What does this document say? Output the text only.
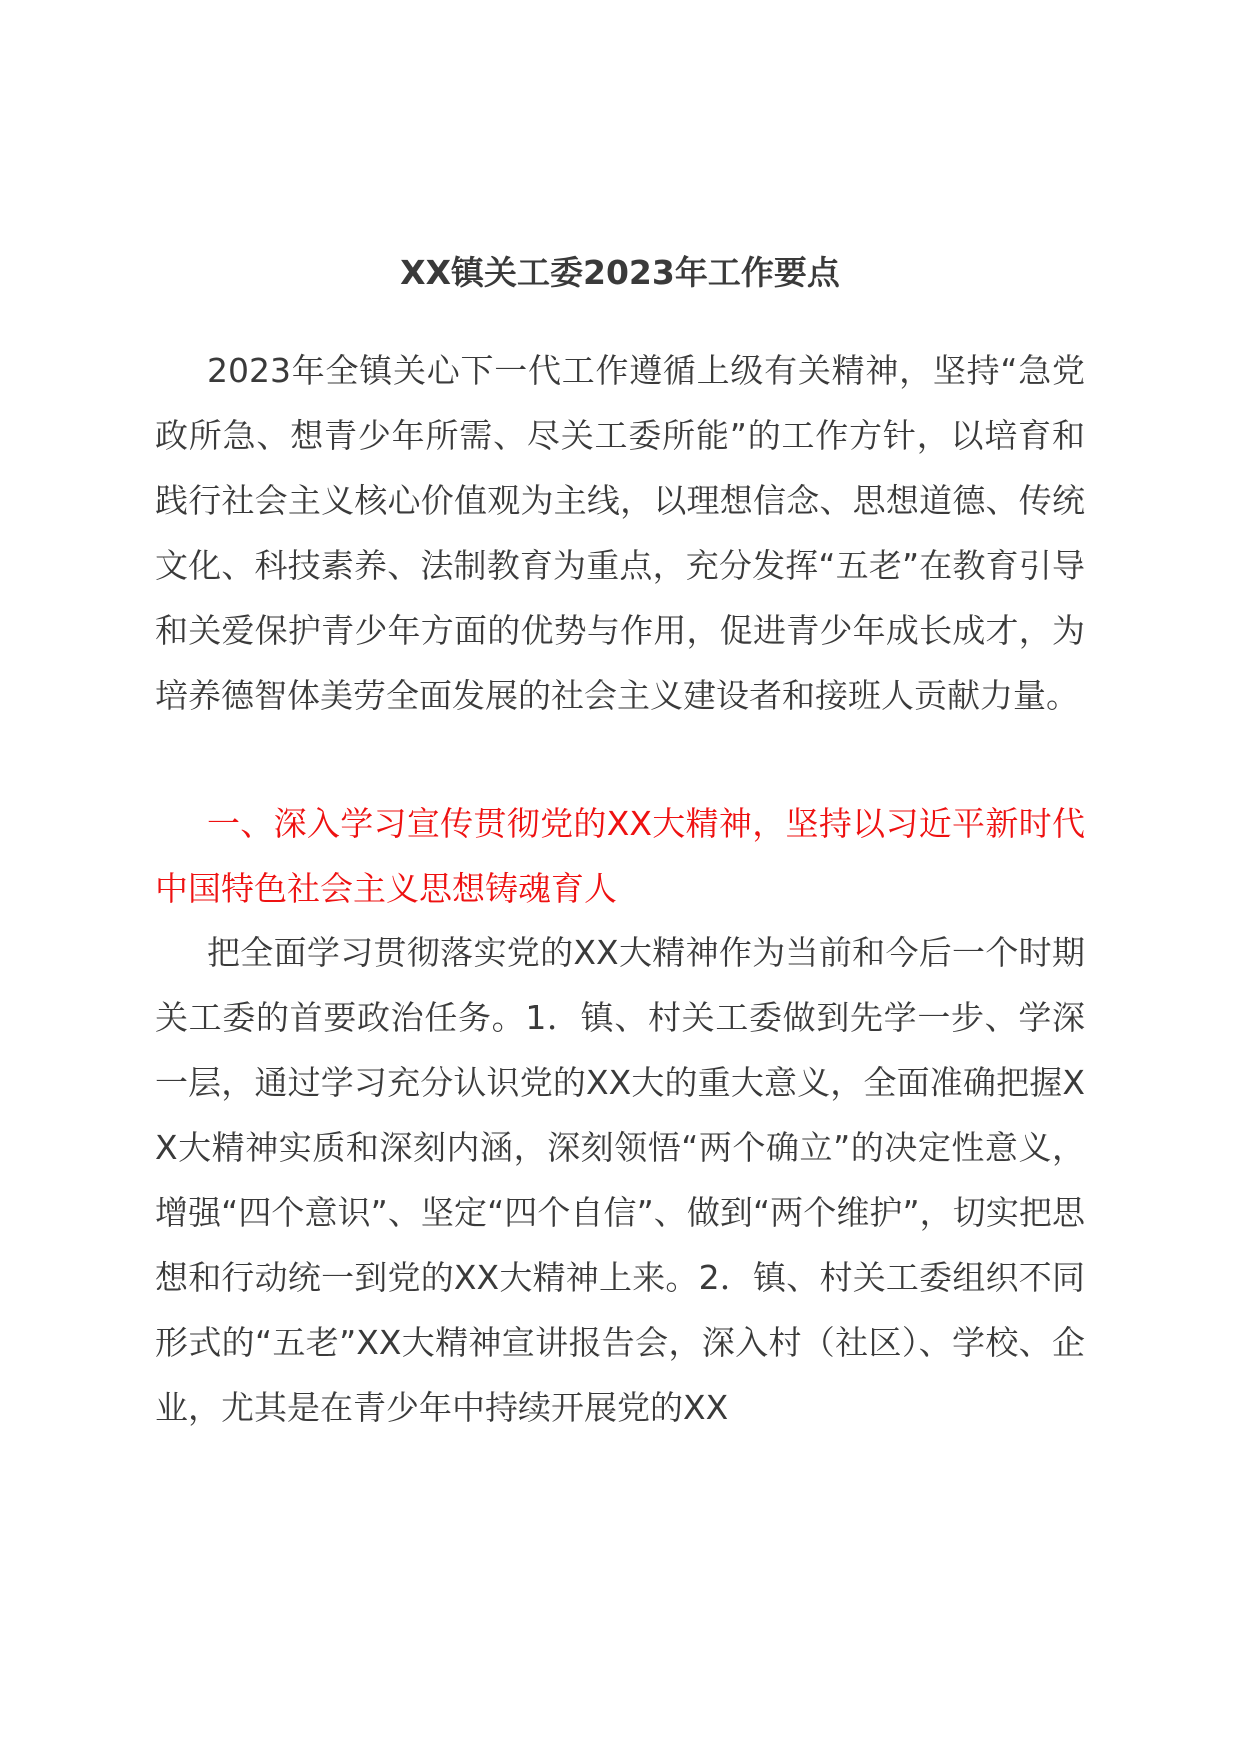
XX镇关工委2023年工作要点

2023年全镇关心下一代工作遵循上级有关精神，坚持“急党政所急、想青少年所需、尽关工委所能”的工作方针，以培育和践行社会主义核心价值观为主线，以理想信念、思想道德、传统文化、科技素养、法制教育为重点，充分发挥“五老”在教育引导和关爱保护青少年方面的优势与作用，促进青少年成长成才，为培养德智体美劳全面发展的社会主义建设者和接班人贡献力量。

一、深入学习宣传贯彻党的XX大精神，坚持以习近平新时代中国特色社会主义思想铸魂育人

把全面学习贯彻落实党的XX大精神作为当前和今后一个时期关工委的首要政治任务。1．镇、村关工委做到先学一步、学深一层，通过学习充分认识党的XX大的重大意义，全面准确把握XX大精神实质和深刻内涵，深刻领悟“两个确立”的决定性意义，增强“四个意识”、坚定“四个自信”、做到“两个维护”，切实把思想和行动统一到党的XX大精神上来。2．镇、村关工委组织不同形式的“五老”XX大精神宣讲报告会，深入村（社区）、学校、企业，尤其是在青少年中持续开展党的XX
